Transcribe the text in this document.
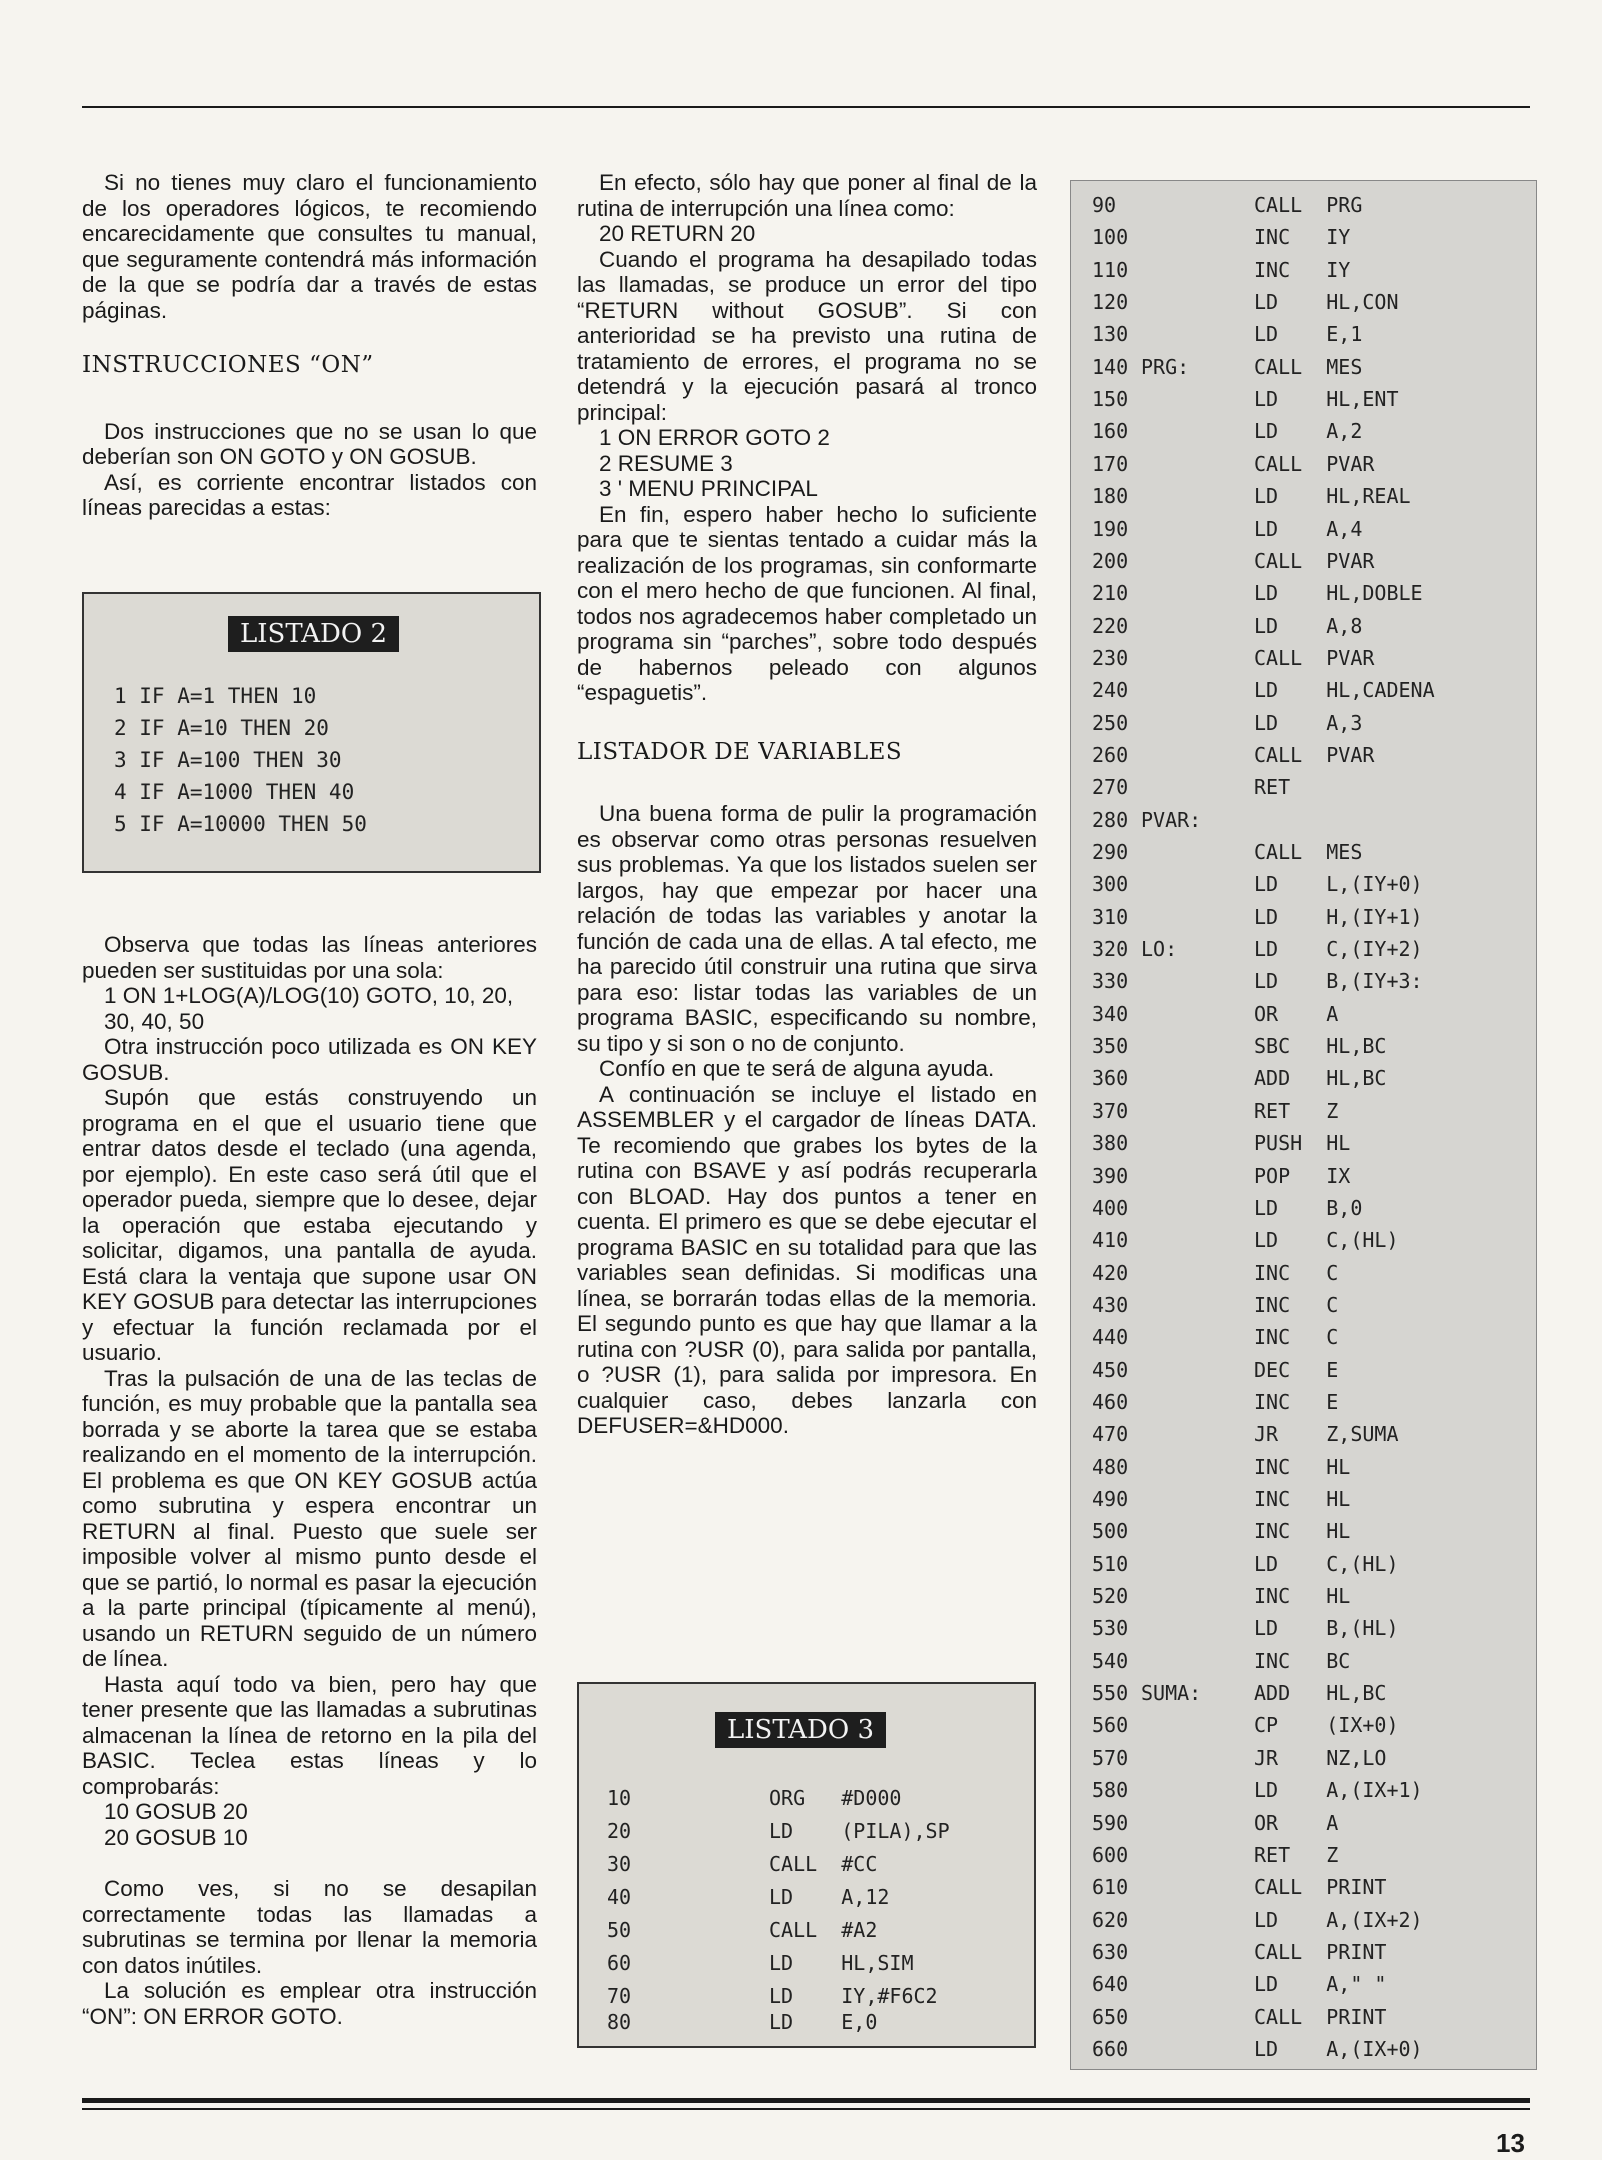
Si no tienes muy claro el funcionamiento de los operadores lógicos, te recomiendo encarecidamente que consultes tu manual, que seguramente contendrá más información de la que se podría dar a través de estas páginas.

INSTRUCCIONES “ON”

Dos instrucciones que no se usan lo que deberían son ON GOTO y ON GOSUB.

Así, es corriente encontrar listados con líneas parecidas a estas:

LISTADO 2
1 IF A=1 THEN 10
2 IF A=10 THEN 20
3 IF A=100 THEN 30
4 IF A=1000 THEN 40
5 IF A=10000 THEN 50

Observa que todas las líneas anteriores pueden ser sustituidas por una sola:

1 ON 1+LOG(A)/LOG(10) GOTO, 10, 20, 30, 40, 50

Otra instrucción poco utilizada es ON KEY GOSUB.

Supón que estás construyendo un programa en el que el usuario tiene que entrar datos desde el teclado (una agenda, por ejemplo). En este caso será útil que el operador pueda, siempre que lo desee, dejar la operación que estaba ejecutando y solicitar, digamos, una pantalla de ayuda. Está clara la ventaja que supone usar ON KEY GOSUB para detectar las interrupciones y efectuar la función reclamada por el usuario.

Tras la pulsación de una de las teclas de función, es muy probable que la pantalla sea borrada y se aborte la tarea que se estaba realizando en el momento de la interrupción. El problema es que ON KEY GOSUB actúa como subrutina y espera encontrar un RETURN al final. Puesto que suele ser imposible volver al mismo punto desde el que se partió, lo normal es pasar la ejecución a la parte principal (típicamente al menú), usando un RETURN seguido de un número de línea.

Hasta aquí todo va bien, pero hay que tener presente que las llamadas a subrutinas almacenan la línea de retorno en la pila del BASIC. Teclea estas líneas y lo comprobarás:

10 GOSUB 20

20 GOSUB 10

Como ves, si no se desapilan correctamente todas las llamadas a subrutinas se termina por llenar la memoria con datos inútiles.

La solución es emplear otra instrucción “ON”: ON ERROR GOTO.

En efecto, sólo hay que poner al final de la rutina de interrupción una línea como:

20 RETURN 20

Cuando el programa ha desapilado todas las llamadas, se produce un error del tipo “RETURN without GOSUB”. Si con anterioridad se ha previsto una rutina de tratamiento de errores, el programa no se detendrá y la ejecución pasará al tronco principal:

1 ON ERROR GOTO 2

2 RESUME 3

3 ' MENU PRINCIPAL

En fin, espero haber hecho lo suficiente para que te sientas tentado a cuidar más la realización de los programas, sin conformarte con el mero hecho de que funcionen. Al final, todos nos agradecemos haber completado un programa sin “parches”, sobre todo después de habernos peleado con algunos “espaguetis”.

LISTADOR DE VARIABLES

Una buena forma de pulir la programación es observar como otras personas resuelven sus problemas. Ya que los listados suelen ser largos, hay que empezar por hacer una relación de todas las variables y anotar la función de cada una de ellas. A tal efecto, me ha parecido útil construir una rutina que sirva para eso: listar todas las variables de un programa BASIC, especificando su nombre, su tipo y si son o no de conjunto.

Confío en que te será de alguna ayuda.

A continuación se incluye el listado en ASSEMBLER y el cargador de líneas DATA. Te recomiendo que grabes los bytes de la rutina con BSAVE y así podrás recuperarla con BLOAD. Hay dos puntos a tener en cuenta. El primero es que se debe ejecutar el programa BASIC en su totalidad para que las variables sean definidas. Si modificas una línea, se borrarán todas ellas de la memoria. El segundo punto es que hay que llamar a la rutina con ?USR (0), para salida por pantalla, o ?USR (1), para salida por impresora. En cualquier caso, debes lanzarla con DEFUSER=&HD000.

LISTADO 3
10	ORG   #D000
20	LD    (PILA),SP
30	CALL  #CC
40	LD    A,12
50	CALL  #A2
60	LD    HL,SIM
70	LD    IY,#F6C2
80	LD    E,0
90	CALL  PRG
100	INC   IY
110	INC   IY
120	LD    HL,CON
130	LD    E,1
140 PRG:	CALL  MES
150	LD    HL,ENT
160	LD    A,2
170	CALL  PVAR
180	LD    HL,REAL
190	LD    A,4
200	CALL  PVAR
210	LD    HL,DOBLE
220	LD    A,8
230	CALL  PVAR
240	LD    HL,CADENA
250	LD    A,3
260	CALL  PVAR
270	RET
280 PVAR:
290	CALL  MES
300	LD    L,(IY+0)
310	LD    H,(IY+1)
320 LO:	LD    C,(IY+2)
330	LD    B,(IY+3:
340	OR    A
350	SBC   HL,BC
360	ADD   HL,BC
370	RET   Z
380	PUSH  HL
390	POP   IX
400	LD    B,0
410	LD    C,(HL)
420	INC   C
430	INC   C
440	INC   C
450	DEC   E
460	INC   E
470	JR    Z,SUMA
480	INC   HL
490	INC   HL
500	INC   HL
510	LD    C,(HL)
520	INC   HL
530	LD    B,(HL)
540	INC   BC
550 SUMA:	ADD   HL,BC
560	CP    (IX+0)
570	JR    NZ,LO
580	LD    A,(IX+1)
590	OR    A
600	RET   Z
610	CALL  PRINT
620	LD    A,(IX+2)
630	CALL  PRINT
640	LD    A," "
650	CALL  PRINT
660	LD    A,(IX+0)
13
